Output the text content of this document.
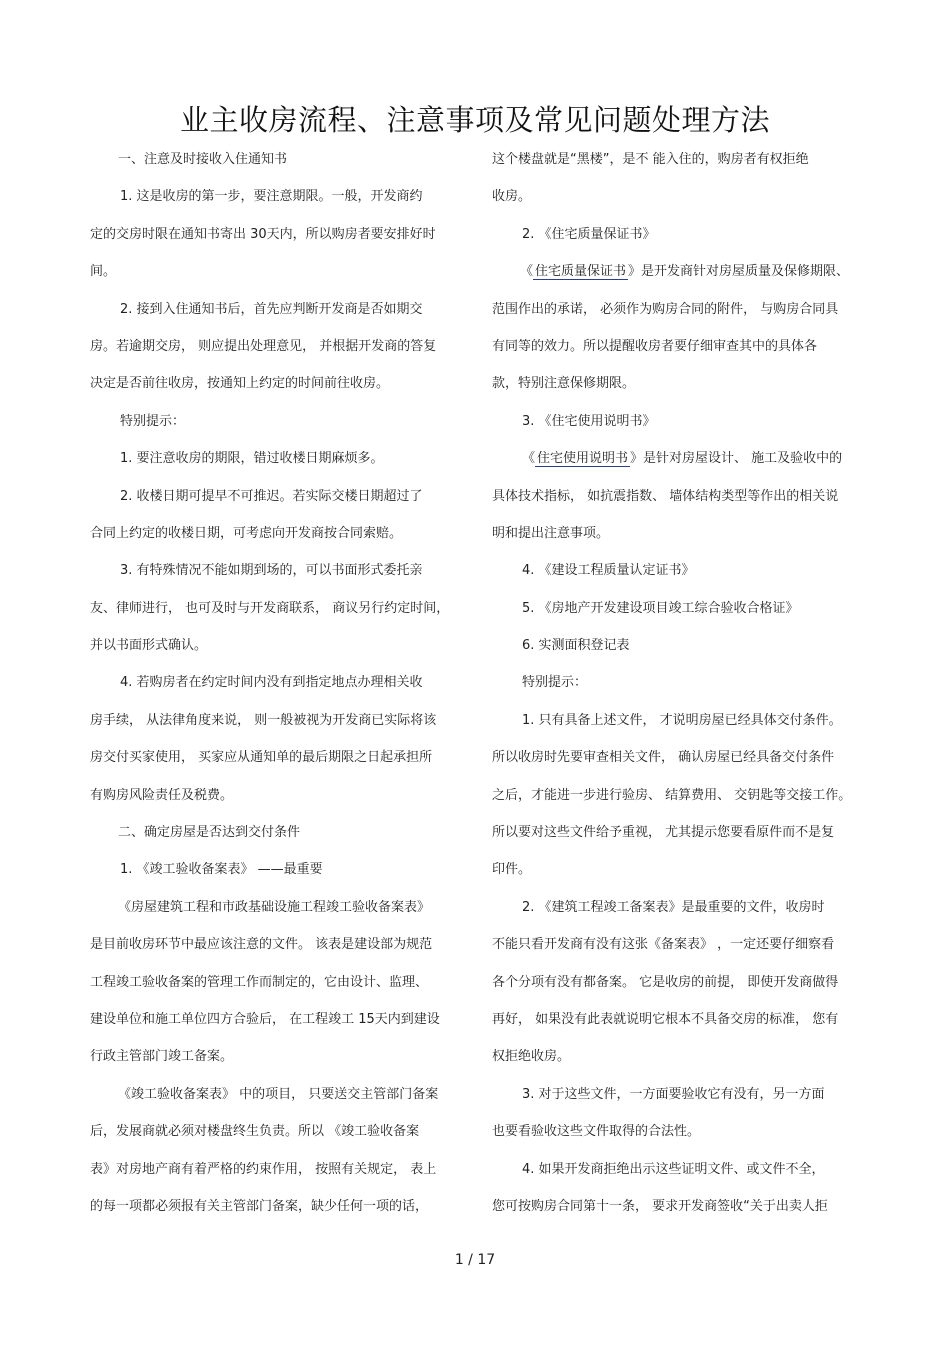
业主收房流程、注意事项及常见问题处理方法
一、注意及时接收入住通知书
1. 这是收房的第一步，要注意期限。一般，开发商约
定的交房时限在通知书寄出 30天内，所以购房者要安排好时
间。
2. 接到入住通知书后，首先应判断开发商是否如期交
房。若逾期交房， 则应提出处理意见， 并根据开发商的答复
决定是否前往收房，按通知上约定的时间前往收房。
特别提示：
1. 要注意收房的期限，错过收楼日期麻烦多。
2. 收楼日期可提早不可推迟。若实际交楼日期超过了
合同上约定的收楼日期，可考虑向开发商按合同索赔。
3. 有特殊情况不能如期到场的，可以书面形式委托亲
友、律师进行， 也可及时与开发商联系， 商议另行约定时间，
并以书面形式确认。
4. 若购房者在约定时间内没有到指定地点办理相关收
房手续， 从法律角度来说， 则一般被视为开发商已实际将该
房交付买家使用， 买家应从通知单的最后期限之日起承担所
有购房风险责任及税费。
二、确定房屋是否达到交付条件
1. 《竣工验收备案表》 ——最重要
《房屋建筑工程和市政基础设施工程竣工验收备案表》
是目前收房环节中最应该注意的文件。 该表是建设部为规范
工程竣工验收备案的管理工作而制定的，它由设计、监理、
建设单位和施工单位四方合验后， 在工程竣工 15天内到建设
行政主管部门竣工备案。
《竣工验收备案表》 中的项目， 只要送交主管部门备案
后，发展商就必须对楼盘终生负责。所以 《竣工验收备案
表》对房地产商有着严格的约束作用， 按照有关规定， 表上
的每一项都必须报有关主管部门备案，缺少任何一项的话，
这个楼盘就是“黑楼”，是不 能入住的，购房者有权拒绝
收房。
2. 《住宅质量保证书》
《 住宅质量保证书 》是开发商针对房屋质量及保修期限、
范围作出的承诺， 必须作为购房合同的附件， 与购房合同具
有同等的效力。所以提醒收房者要仔细审查其中的具体各
款，特别注意保修期限。
3. 《住宅使用说明书》
《 住宅使用说明书 》是针对房屋设计、 施工及验收中的
具体技术指标， 如抗震指数、 墙体结构类型等作出的相关说
明和提出注意事项。
4. 《建设工程质量认定证书》
5. 《房地产开发建设项目竣工综合验收合格证》
6. 实测面积登记表
特别提示：
1. 只有具备上述文件， 才说明房屋已经具体交付条件。
所以收房时先要审查相关文件， 确认房屋已经具备交付条件
之后，才能进一步进行验房、 结算费用、 交钥匙等交接工作。
所以要对这些文件给予重视， 尤其提示您要看原件而不是复
印件。
2. 《建筑工程竣工备案表》是最重要的文件，收房时
不能只看开发商有没有这张《备案表》 ，一定还要仔细察看
各个分项有没有都备案。 它是收房的前提， 即使开发商做得
再好， 如果没有此表就说明它根本不具备交房的标准， 您有
权拒绝收房。
3. 对于这些文件，一方面要验收它有没有，另一方面
也要看验收这些文件取得的合法性。
4. 如果开发商拒绝出示这些证明文件、或文件不全，
您可按购房合同第十一条， 要求开发商签收“关于出卖人拒
1 / 17
